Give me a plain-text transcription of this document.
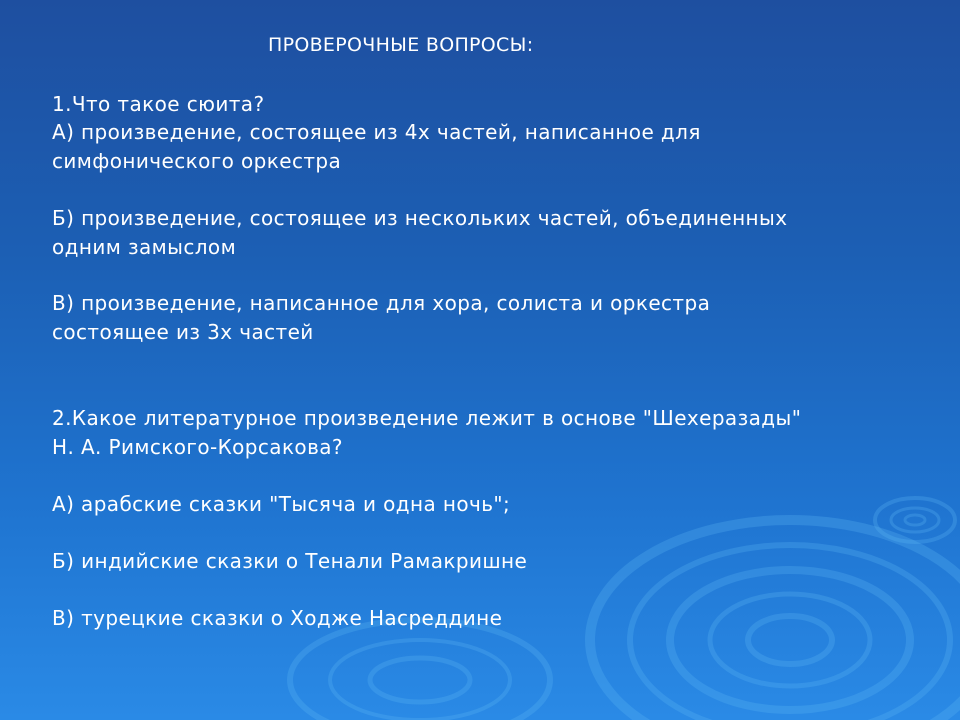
ПРОВЕРОЧНЫЕ ВОПРОСЫ:
1.Что такое сюита?
А) произведение, состоящее из 4х частей, написанное для
симфонического оркестра
Б) произведение, состоящее из нескольких частей, объединенных
одним замыслом
В) произведение, написанное для хора, солиста и оркестра
состоящее из 3х частей
2.Какое литературное произведение лежит в основе "Шехеразады"
Н. А. Римского-Корсакова?
А) арабские сказки "Тысяча и одна ночь";
Б) индийские сказки о Тенали Рамакришне
В) турецкие сказки о Ходже Насреддине
